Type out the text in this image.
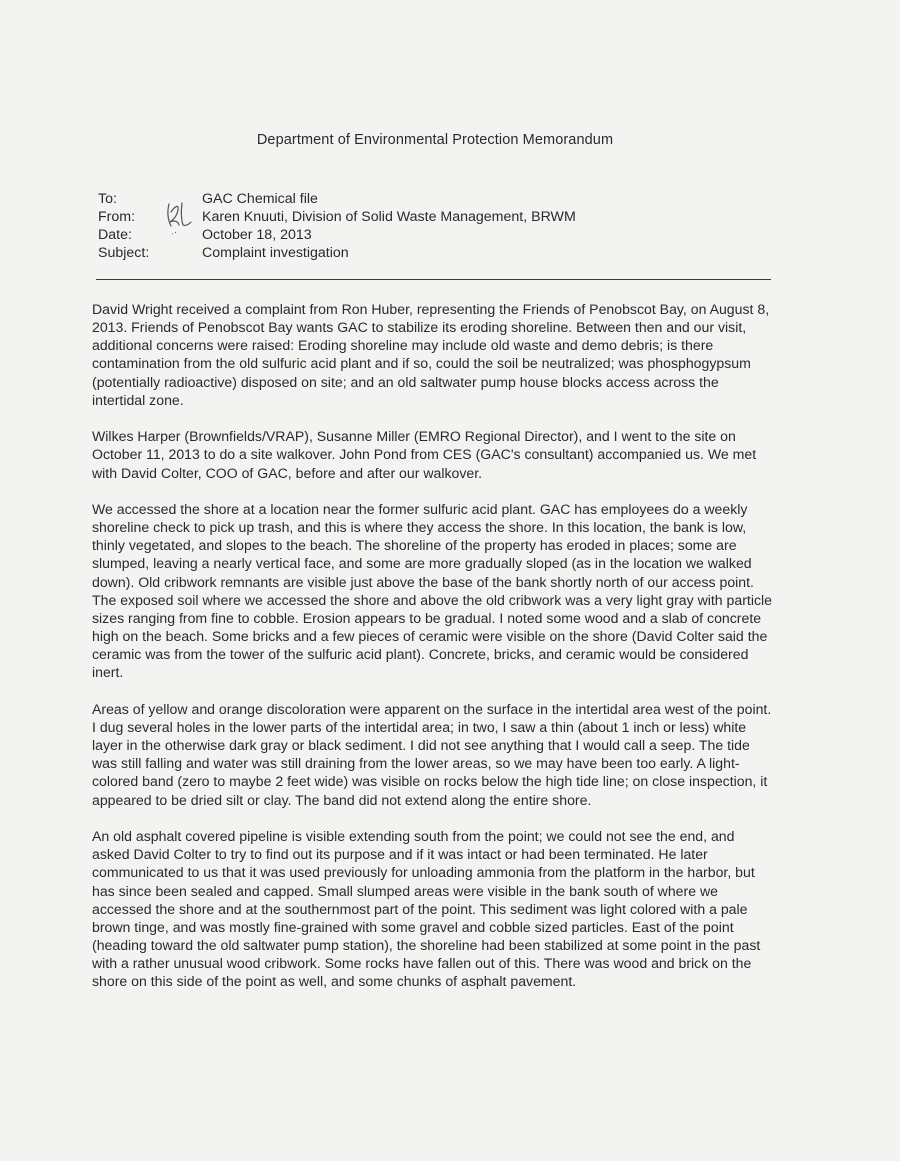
Department of Environmental Protection Memorandum
To:	GAC Chemical file
From:	Karen Knuuti, Division of Solid Waste Management, BRWM
Date:	October 18, 2013
Subject:	Complaint investigation

David Wright received a complaint from Ron Huber, representing the Friends of Penobscot Bay, on August 8, 2013. Friends of Penobscot Bay wants GAC to stabilize its eroding shoreline. Between then and our visit, additional concerns were raised: Eroding shoreline may include old waste and demo debris; is there contamination from the old sulfuric acid plant and if so, could the soil be neutralized; was phosphogypsum (potentially radioactive) disposed on site; and an old saltwater pump house blocks access across the intertidal zone.

Wilkes Harper (Brownfields/VRAP), Susanne Miller (EMRO Regional Director), and I went to the site on October 11, 2013 to do a site walkover. John Pond from CES (GAC's consultant) accompanied us. We met with David Colter, COO of GAC, before and after our walkover.

We accessed the shore at a location near the former sulfuric acid plant. GAC has employees do a weekly shoreline check to pick up trash, and this is where they access the shore. In this location, the bank is low, thinly vegetated, and slopes to the beach. The shoreline of the property has eroded in places; some are slumped, leaving a nearly vertical face, and some are more gradually sloped (as in the location we walked down). Old cribwork remnants are visible just above the base of the bank shortly north of our access point. The exposed soil where we accessed the shore and above the old cribwork was a very light gray with particle sizes ranging from fine to cobble. Erosion appears to be gradual. I noted some wood and a slab of concrete high on the beach. Some bricks and a few pieces of ceramic were visible on the shore (David Colter said the ceramic was from the tower of the sulfuric acid plant). Concrete, bricks, and ceramic would be considered inert.

Areas of yellow and orange discoloration were apparent on the surface in the intertidal area west of the point. I dug several holes in the lower parts of the intertidal area; in two, I saw a thin (about 1 inch or less) white layer in the otherwise dark gray or black sediment. I did not see anything that I would call a seep. The tide was still falling and water was still draining from the lower areas, so we may have been too early. A light-colored band (zero to maybe 2 feet wide) was visible on rocks below the high tide line; on close inspection, it appeared to be dried silt or clay. The band did not extend along the entire shore.

An old asphalt covered pipeline is visible extending south from the point; we could not see the end, and asked David Colter to try to find out its purpose and if it was intact or had been terminated. He later communicated to us that it was used previously for unloading ammonia from the platform in the harbor, but has since been sealed and capped. Small slumped areas were visible in the bank south of where we accessed the shore and at the southernmost part of the point. This sediment was light colored with a pale brown tinge, and was mostly fine-grained with some gravel and cobble sized particles. East of the point (heading toward the old saltwater pump station), the shoreline had been stabilized at some point in the past with a rather unusual wood cribwork. Some rocks have fallen out of this. There was wood and brick on the shore on this side of the point as well, and some chunks of asphalt pavement.
